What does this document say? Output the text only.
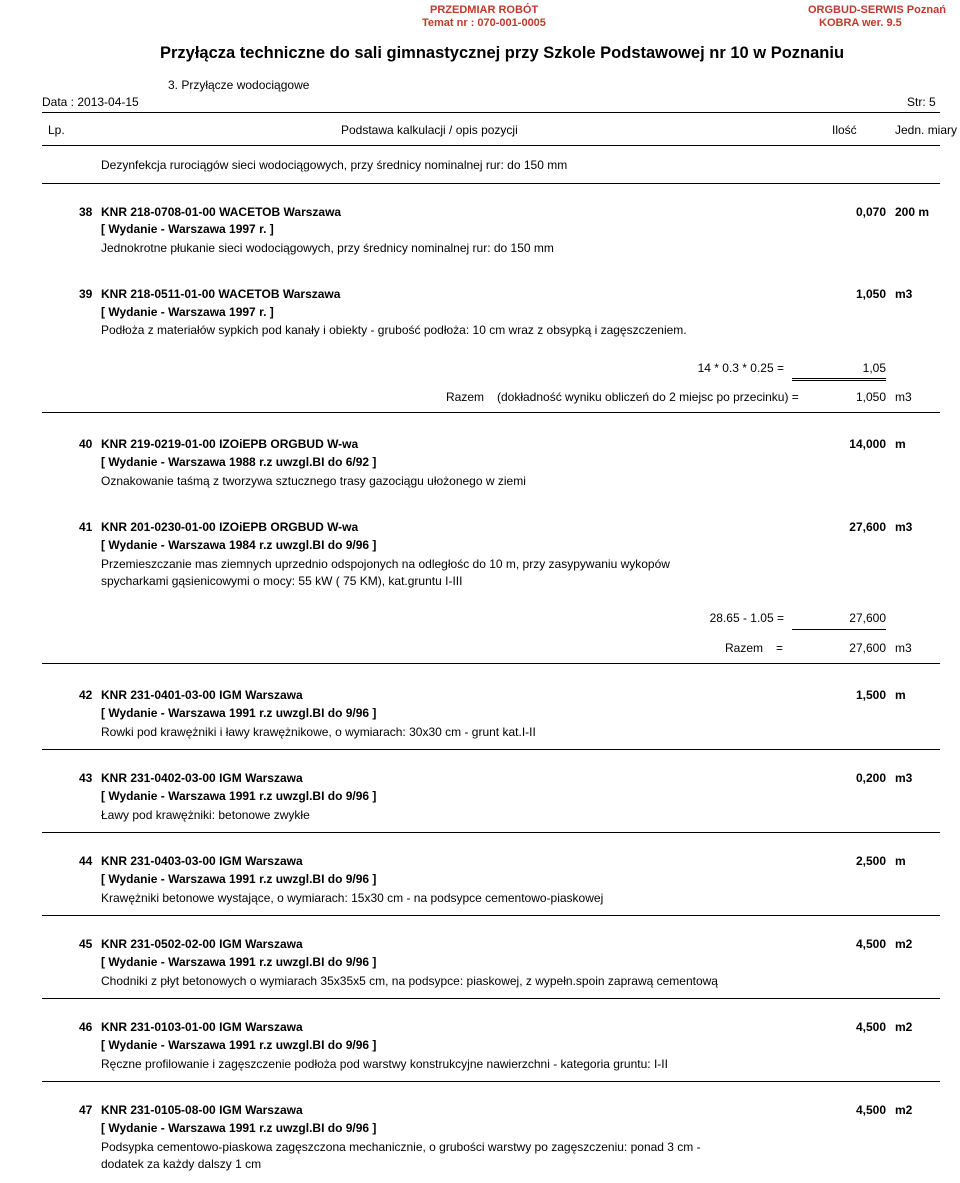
PRZEDMIAR ROBÓT
Temat nr : 070-001-0005
ORGBUD-SERWIS Poznań
KOBRA wer. 9.5
Przyłącza techniczne do sali gimnastycznej przy Szkole Podstawowej nr 10 w Poznaniu
3. Przyłącze wodociągowe
Data : 2013-04-15	Str: 5
Lp.	Podstawa kalkulacji / opis pozycji	Ilość	Jedn. miary
Dezynfekcja rurociągów sieci wodociągowych, przy średnicy nominalnej rur: do 150 mm
38 KNR 218-0708-01-00 WACETOB Warszawa	0,070 200 m
[ Wydanie - Warszawa 1997 r. ]
Jednokrotne płukanie sieci wodociągowych, przy średnicy nominalnej rur: do 150 mm
39 KNR 218-0511-01-00 WACETOB Warszawa	1,050 m3
[ Wydanie - Warszawa 1997 r. ]
Podłoża z materiałów sypkich pod kanały i obiekty - grubość podłoża: 10 cm wraz z obsypką i zagęszczeniem.
14 * 0.3 * 0.25 =	1,05
Razem (dokładność wyniku obliczeń do 2 miejsc po przecinku) =	1,050 m3
40 KNR 219-0219-01-00 IZOiEPB ORGBUD W-wa	14,000 m
[ Wydanie - Warszawa 1988 r.z uwzgl.BI do 6/92 ]
Oznakowanie taśmą z tworzywa sztucznego trasy gazociągu ułożonego w ziemi
41 KNR 201-0230-01-00 IZOiEPB ORGBUD W-wa	27,600 m3
[ Wydanie - Warszawa 1984 r.z uwzgl.BI do 9/96 ]
Przemieszczanie mas ziemnych uprzednio odspojonych na odległośc do 10 m, przy zasypywaniu wykopów
spycharkami gąsienicowymi o mocy: 55 kW ( 75 KM), kat.gruntu I-III
28.65 - 1.05 =	27,600
Razem =	27,600 m3
42 KNR 231-0401-03-00 IGM Warszawa	1,500 m
[ Wydanie - Warszawa 1991 r.z uwzgl.BI do 9/96 ]
Rowki pod krawężniki i ławy krawężnikowe, o wymiarach: 30x30 cm - grunt kat.I-II
43 KNR 231-0402-03-00 IGM Warszawa	0,200 m3
[ Wydanie - Warszawa 1991 r.z uwzgl.BI do 9/96 ]
Ławy pod krawężniki: betonowe zwykłe
44 KNR 231-0403-03-00 IGM Warszawa	2,500 m
[ Wydanie - Warszawa 1991 r.z uwzgl.BI do 9/96 ]
Krawężniki betonowe wystające, o wymiarach: 15x30 cm - na podsypce cementowo-piaskowej
45 KNR 231-0502-02-00 IGM Warszawa	4,500 m2
[ Wydanie - Warszawa 1991 r.z uwzgl.BI do 9/96 ]
Chodniki z płyt betonowych o wymiarach 35x35x5 cm, na podsypce: piaskowej, z wypełn.spoin zaprawą cementową
46 KNR 231-0103-01-00 IGM Warszawa	4,500 m2
[ Wydanie - Warszawa 1991 r.z uwzgl.BI do 9/96 ]
Ręczne profilowanie i zagęszczenie podłoża pod warstwy konstrukcyjne nawierzchni - kategoria gruntu: I-II
47 KNR 231-0105-08-00 IGM Warszawa	4,500 m2
[ Wydanie - Warszawa 1991 r.z uwzgl.BI do 9/96 ]
Podsypka cementowo-piaskowa zagęszczona mechanicznie, o grubości warstwy po zagęszczeniu: ponad 3 cm -
dodatek za każdy dalszy 1 cm
